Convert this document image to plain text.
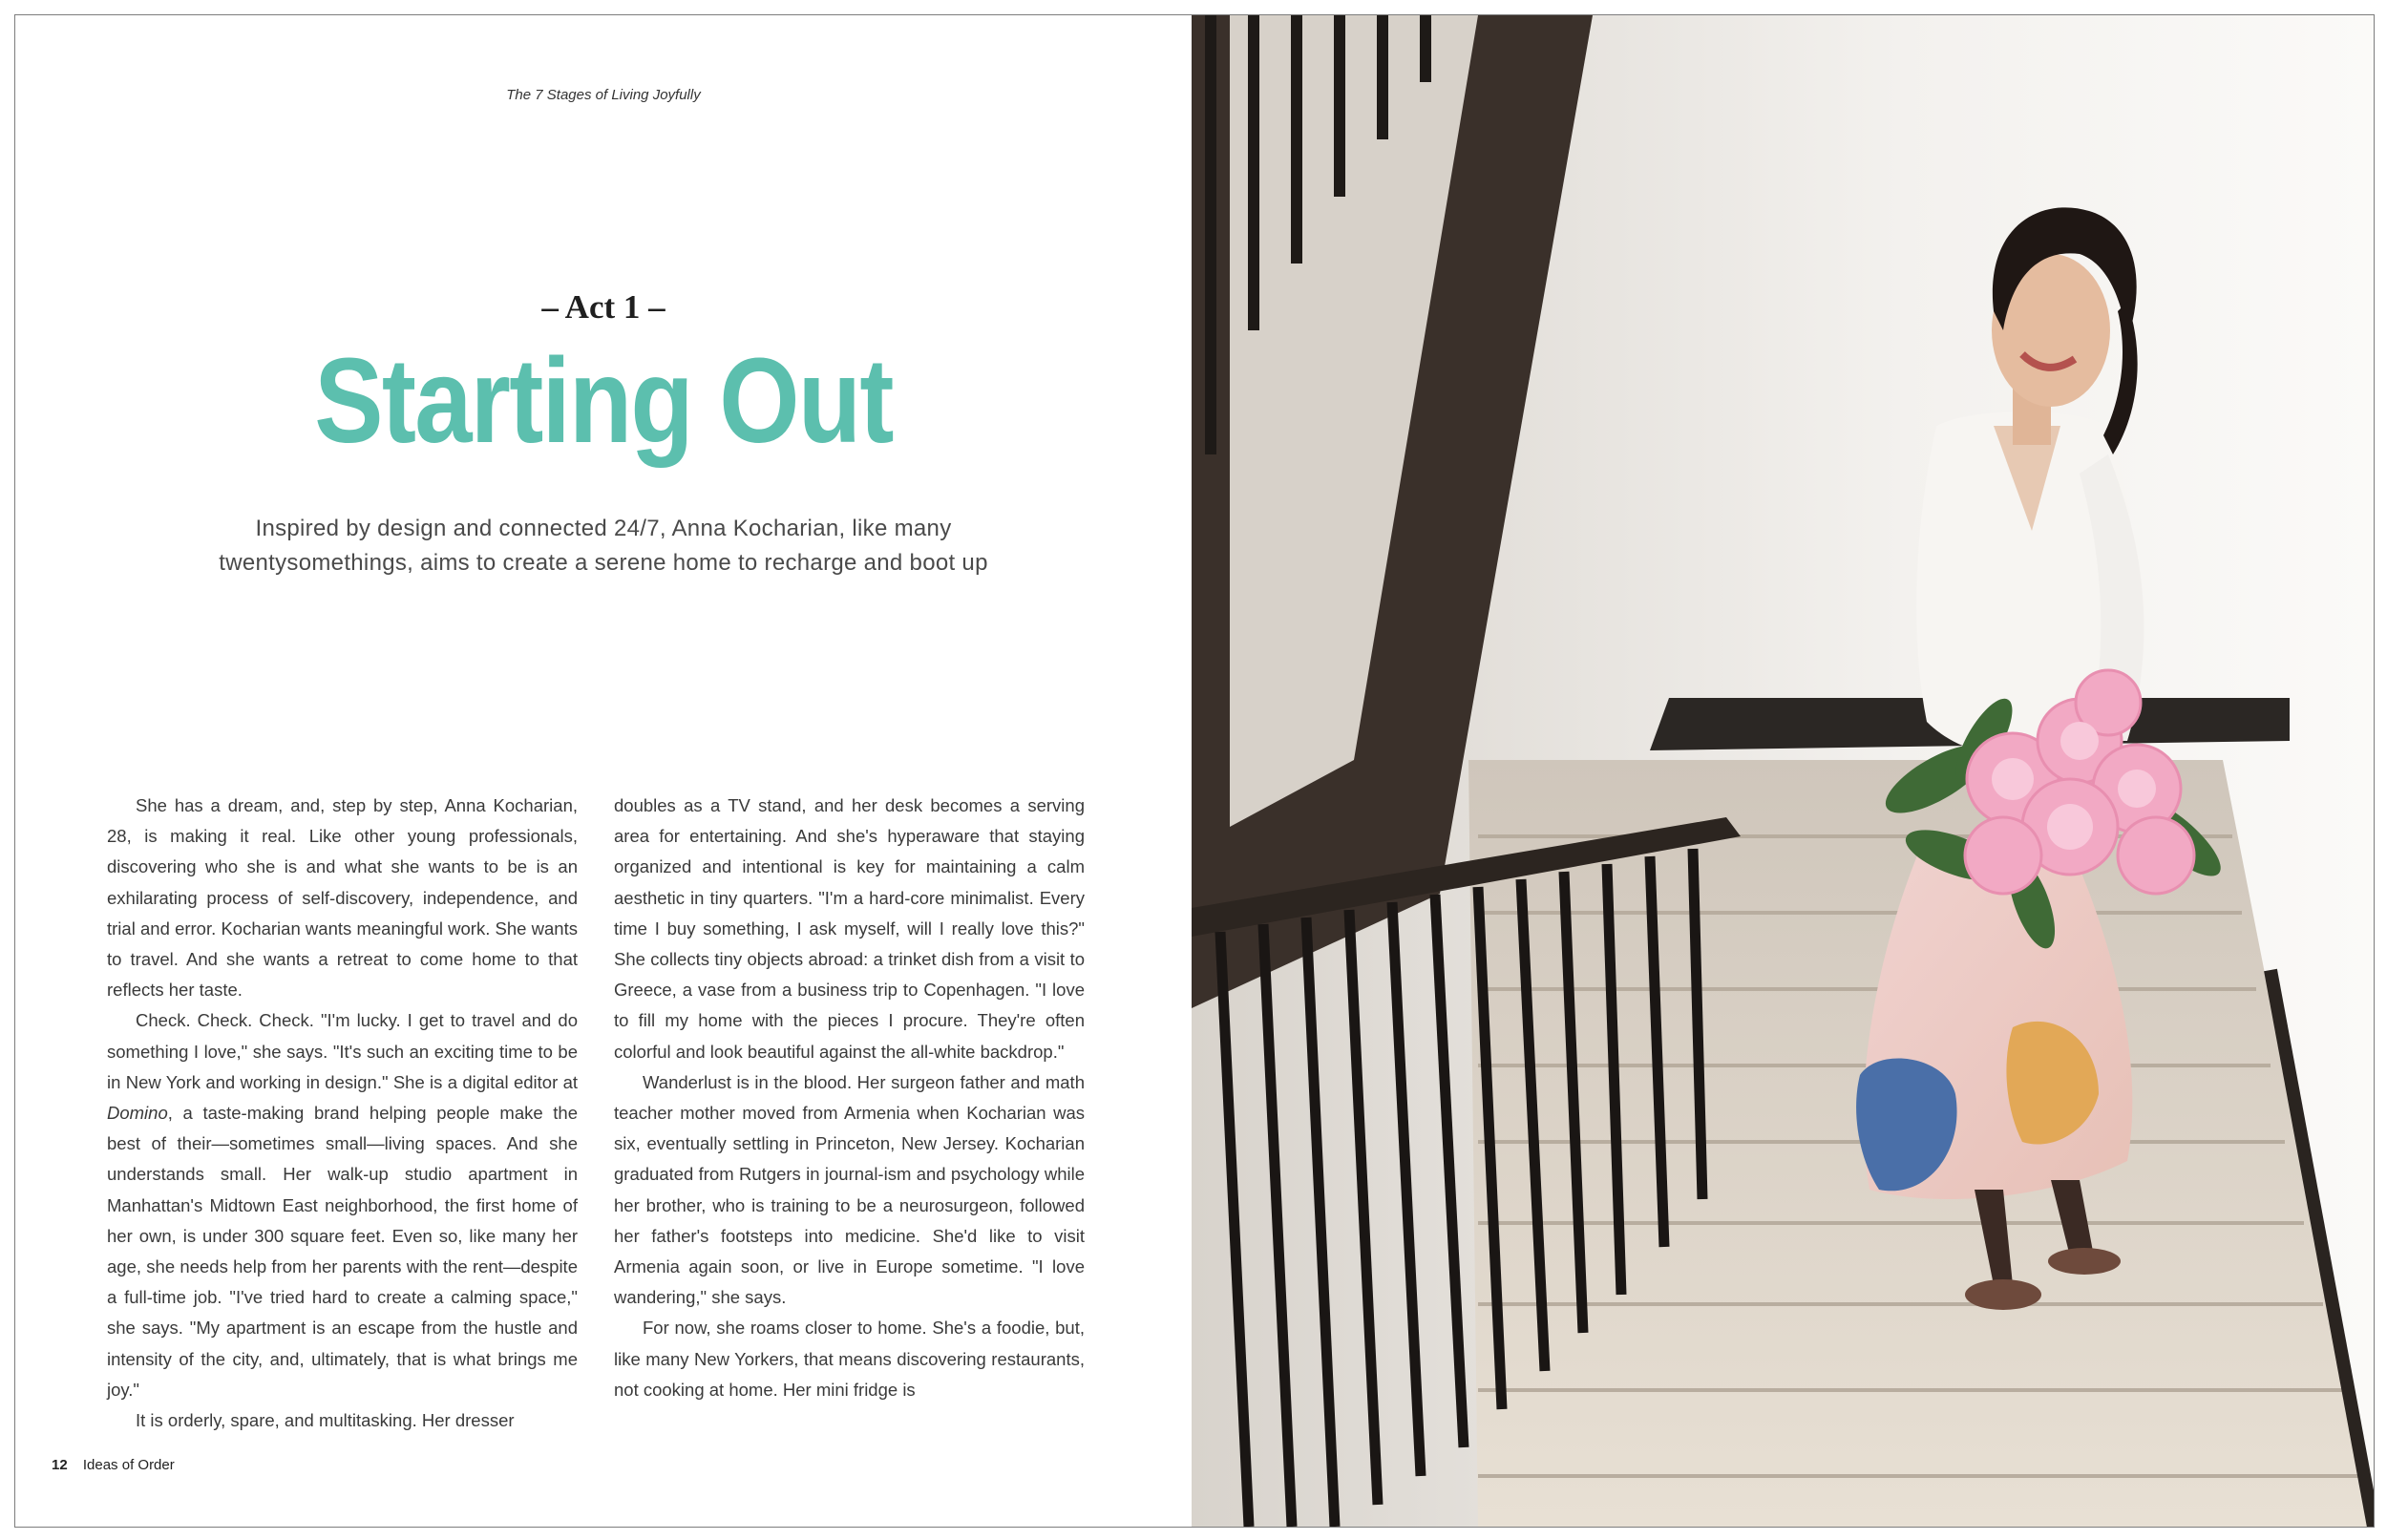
The 7 Stages of Living Joyfully
– Act 1 –
Starting Out
Inspired by design and connected 24/7, Anna Kocharian, like many twentysomethings, aims to create a serene home to recharge and boot up

She has a dream, and, step by step, Anna Kocharian, 28, is making it real. Like other young professionals, discovering who she is and what she wants to be is an exhilarating process of self-discovery, independence, and trial and error. Kocharian wants meaningful work. She wants to travel. And she wants a retreat to come home to that reflects her taste.

Check. Check. Check. "I'm lucky. I get to travel and do something I love," she says. "It's such an exciting time to be in New York and working in design." She is a digital editor at Domino, a taste-making brand helping people make the best of their—sometimes small—living spaces. And she understands small. Her walk-up studio apartment in Manhattan's Midtown East neighborhood, the first home of her own, is under 300 square feet. Even so, like many her age, she needs help from her parents with the rent—despite a full-time job. "I've tried hard to create a calming space," she says. "My apartment is an escape from the hustle and intensity of the city, and, ultimately, that is what brings me joy."

It is orderly, spare, and multitasking. Her dresser

doubles as a TV stand, and her desk becomes a serving area for entertaining. And she's hyperaware that staying organized and intentional is key for maintaining a calm aesthetic in tiny quarters. "I'm a hard-core minimalist. Every time I buy something, I ask myself, will I really love this?" She collects tiny objects abroad: a trinket dish from a visit to Greece, a vase from a business trip to Copenhagen. "I love to fill my home with the pieces I procure. They're often colorful and look beautiful against the all-white backdrop."

Wanderlust is in the blood. Her surgeon father and math teacher mother moved from Armenia when Kocharian was six, eventually settling in Princeton, New Jersey. Kocharian graduated from Rutgers in journal-ism and psychology while her brother, who is training to be a neurosurgeon, followed her father's footsteps into medicine. She'd like to visit Armenia again soon, or live in Europe sometime. "I love wandering," she says.

For now, she roams closer to home. She's a foodie, but, like many New Yorkers, that means discovering restaurants, not cooking at home. Her mini fridge is

12 Ideas of Order
